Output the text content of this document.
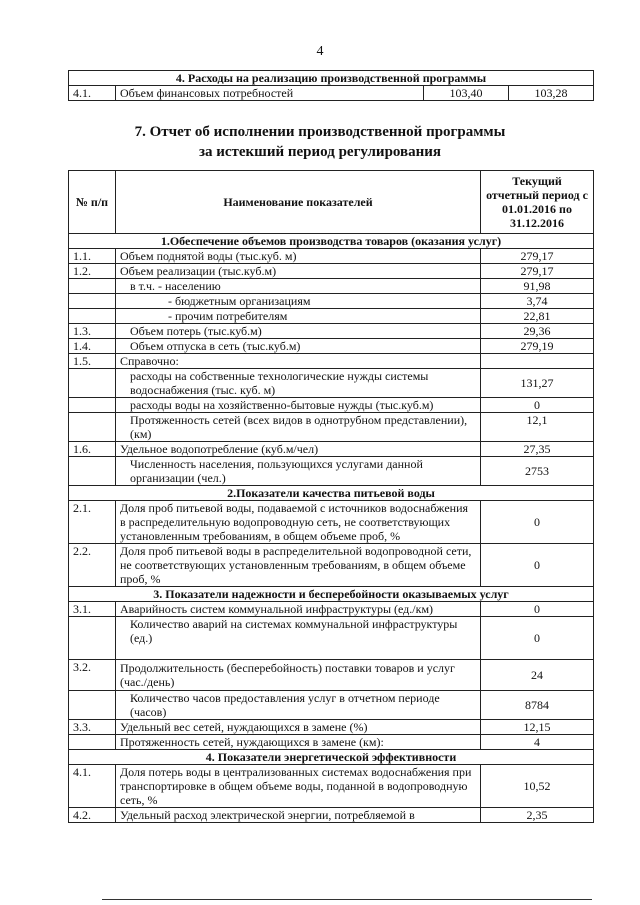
4
4. Расходы на реализацию производственной программы
4.1.	Объем финансовых потребностей	103,40	103,28
7. Отчет об исполнении производственной программы
за истекший период регулирования
№ п/п	Наименование показателей	Текущий отчетный период с 01.01.2016 по 31.12.2016
1.Обеспечение объемов производства товаров (оказания услуг)		
1.1.	Объем поднятой воды (тыс.куб. м)	279,17
1.2.	Объем реализации (тыс.куб.м)	279,17
	в т.ч. - населению	91,98
	- бюджетным организациям	3,74
	- прочим потребителям	22,81
1.3.	Объем потерь (тыс.куб.м)	29,36
1.4.	Объем отпуска в сеть (тыс.куб.м)	279,19
1.5.	Справочно:	
	расходы на собственные технологические нужды системы водоснабжения (тыс. куб. м)	131,27
	расходы воды на хозяйственно-бытовые нужды (тыс.куб.м)	0
	Протяженность сетей (всех видов в однотрубном представлении), (км)	12,1
1.6.	Удельное водопотребление (куб.м/чел)	27,35
	Численность населения, пользующихся услугами данной организации (чел.)	2753
2.Показатели качества питьевой воды		
2.1.	Доля проб питьевой воды, подаваемой с источников водоснабжения в распределительную водопроводную сеть, не соответствующих установленным требованиям, в общем объеме проб, %	0
2.2.	Доля проб питьевой воды в распределительной водопроводной сети, не соответствующих установленным требованиям, в общем объеме проб, %	0
3. Показатели надежности и бесперебойности оказываемых услуг		
3.1.	Аварийность систем коммунальной инфраструктуры (ед./км)	0
	Количество аварий на системах коммунальной инфраструктуры (ед.)	0
3.2.	Продолжительность (бесперебойность) поставки товаров и услуг (час./день)	24
	Количество часов предоставления услуг в отчетном периоде (часов)	8784
3.3.	Удельный вес сетей, нуждающихся в замене (%)	12,15
	Протяженность сетей, нуждающихся в замене (км):	4
4. Показатели энергетической эффективности		
4.1.	Доля потерь воды в централизованных системах водоснабжения при транспортировке в общем объеме воды, поданной в водопроводную сеть, %	10,52
4.2.	Удельный расход электрической энергии, потребляемой в	2,35
